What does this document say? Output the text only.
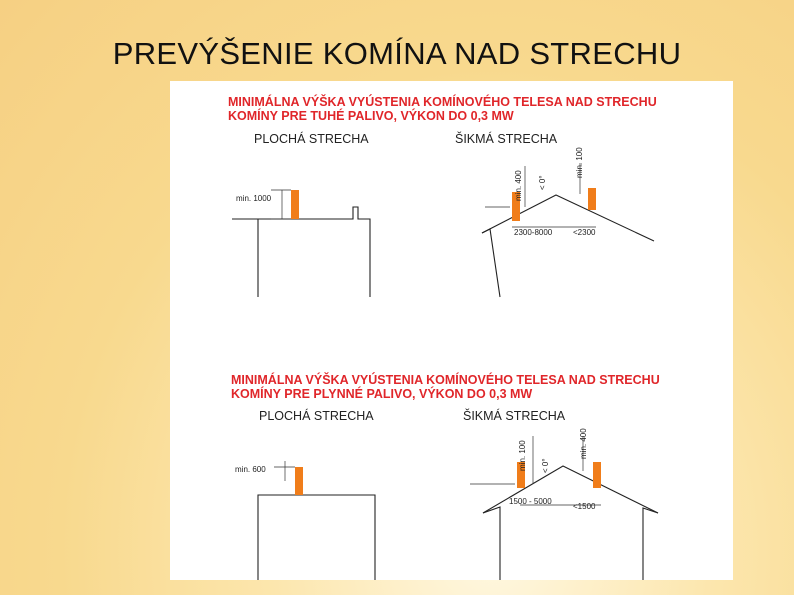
PREVÝŠENIE KOMÍNA NAD STRECHU
MINIMÁLNA VÝŠKA VYÚSTENIA KOMÍNOVÉHO TELESA NAD STRECHU
KOMÍNY PRE TUHÉ PALIVO, VÝKON DO 0,3 MW
PLOCHÁ STRECHA	ŠIKMÁ STRECHA
min. 1000	min. 400 < 0°
min. 100
2300-8000	<2300
MINIMÁLNA VÝŠKA VYÚSTENIA KOMÍNOVÉHO TELESA NAD STRECHU
KOMÍNY PRE PLYNNÉ PALIVO, VÝKON DO 0,3 MW
PLOCHÁ STRECHA	ŠIKMÁ STRECHA
min. 600	min. 100 < 0°
min. 400
1500 - 5000
<1500
